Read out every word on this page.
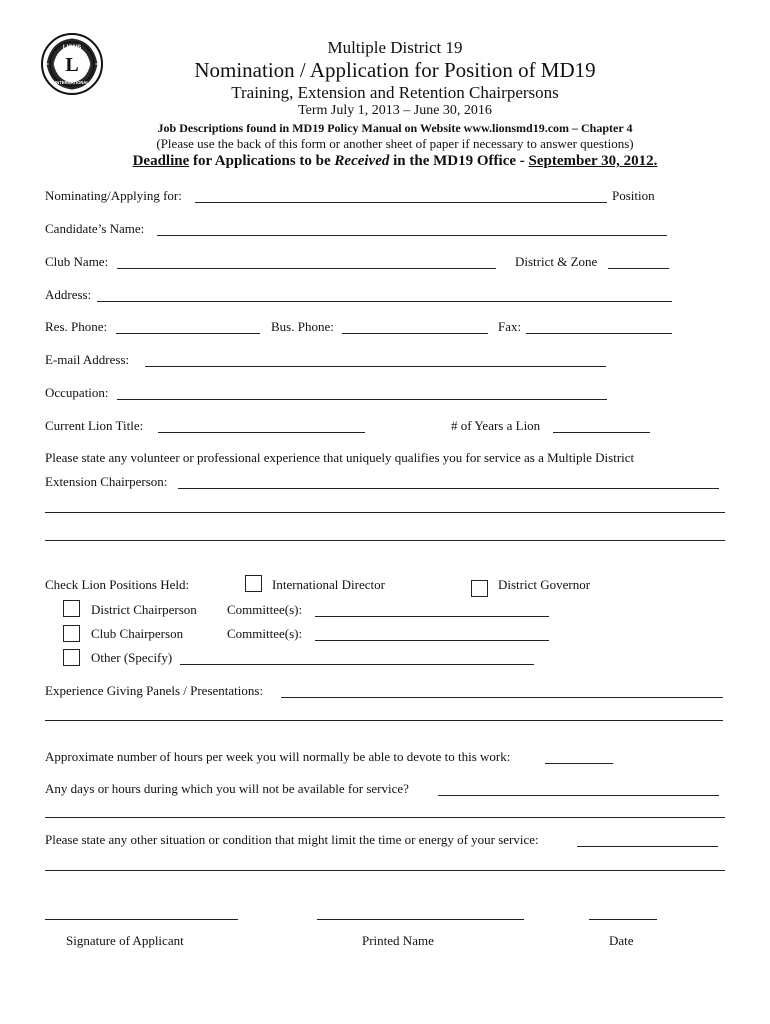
L
LIONS
INTERNATIONAL
Multiple District 19
Nomination / Application for Position of MD19
Training, Extension and Retention Chairpersons
Term July 1, 2013 – June 30, 2016
Job Descriptions found in MD19 Policy Manual on Website www.lionsmd19.com – Chapter 4
(Please use the back of this form or another sheet of paper if necessary to answer questions)
Deadline for Applications to be Received in the MD19 Office - September 30, 2012.
Nominating/Applying for:	Position
Candidate’s Name:
Club Name:	District & Zone
Address:
Res. Phone:	Bus. Phone:	Fax:
E-mail Address:
Occupation:
Current Lion Title:	# of Years a Lion
Please state any volunteer or professional experience that uniquely qualifies you for service as a Multiple District
Extension Chairperson:
Check Lion Positions Held:	International Director	District Governor
District Chairperson Committee(s):
Club Chairperson	Committee(s):
Other (Specify)
Experience Giving Panels / Presentations:
Approximate number of hours per week you will normally be able to devote to this work:
Any days or hours during which you will not be available for service?
Please state any other situation or condition that might limit the time or energy of your service:
Signature of Applicant	Printed Name	Date
